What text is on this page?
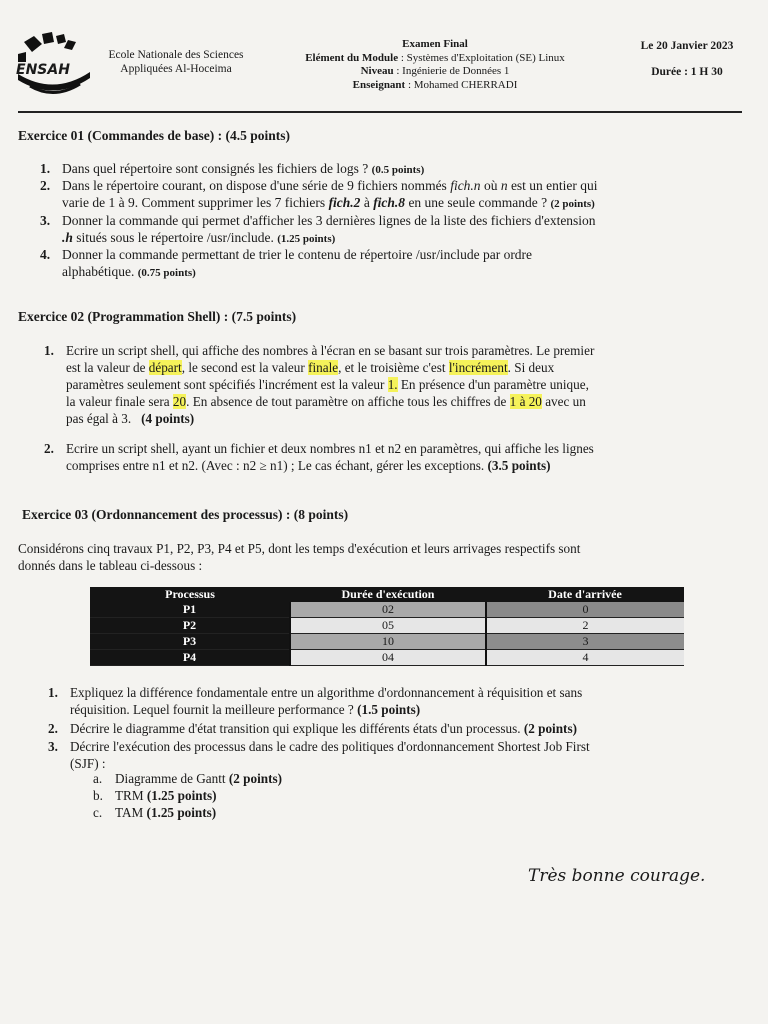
ENSAH
Ecole Nationale des Sciences
Appliquées Al-Hoceima
Examen Final
Elément du Module : Systèmes d'Exploitation (SE) Linux
Niveau : Ingénierie de Données 1
Enseignant : Mohamed CHERRADI
Le 20 Janvier 2023
Durée : 1 H 30
Exercice 01 (Commandes de base) : (4.5 points)
1. Dans quel répertoire sont consignés les fichiers de logs ? (0.5 points)
2. Dans le répertoire courant, on dispose d'une série de 9 fichiers nommés fich.n où n est un entier qui
varie de 1 à 9. Comment supprimer les 7 fichiers fich.2 à fich.8 en une seule commande ? (2 points)
3. Donner la commande qui permet d'afficher les 3 dernières lignes de la liste des fichiers d'extension
.h situés sous le répertoire /usr/include. (1.25 points)
4. Donner la commande permettant de trier le contenu de répertoire /usr/include par ordre
alphabétique. (0.75 points)
Exercice 02 (Programmation Shell) : (7.5 points)
1. Ecrire un script shell, qui affiche des nombres à l'écran en se basant sur trois paramètres. Le premier
est la valeur de départ, le second est la valeur finale, et le troisième c'est l'incrément. Si deux
paramètres seulement sont spécifiés l'incrément est la valeur 1. En présence d'un paramètre unique,
la valeur finale sera 20. En absence de tout paramètre on affiche tous les chiffres de 1 à 20 avec un
pas égal à 3. (4 points)
2. Ecrire un script shell, ayant un fichier et deux nombres n1 et n2 en paramètres, qui affiche les lignes
comprises entre n1 et n2. (Avec : n2 ≥ n1) ; Le cas échant, gérer les exceptions. (3.5 points)
Exercice 03 (Ordonnancement des processus) : (8 points)
Considérons cinq travaux P1, P2, P3, P4 et P5, dont les temps d'exécution et leurs arrivages respectifs sont
donnés dans le tableau ci-dessous :
Processus	Durée d'exécution	Date d'arrivée
P1	02	0
P2	05	2
P3	10	3
P4	04	4
1. Expliquez la différence fondamentale entre un algorithme d'ordonnancement à réquisition et sans
réquisition. Lequel fournit la meilleure performance ? (1.5 points)
2. Décrire le diagramme d'état transition qui explique les différents états d'un processus. (2 points)
3. Décrire l'exécution des processus dans le cadre des politiques d'ordonnancement Shortest Job First
(SJF) :
a. Diagramme de Gantt (2 points)
b. TRM (1.25 points)
c. TAM (1.25 points)
Très bonne courage.
